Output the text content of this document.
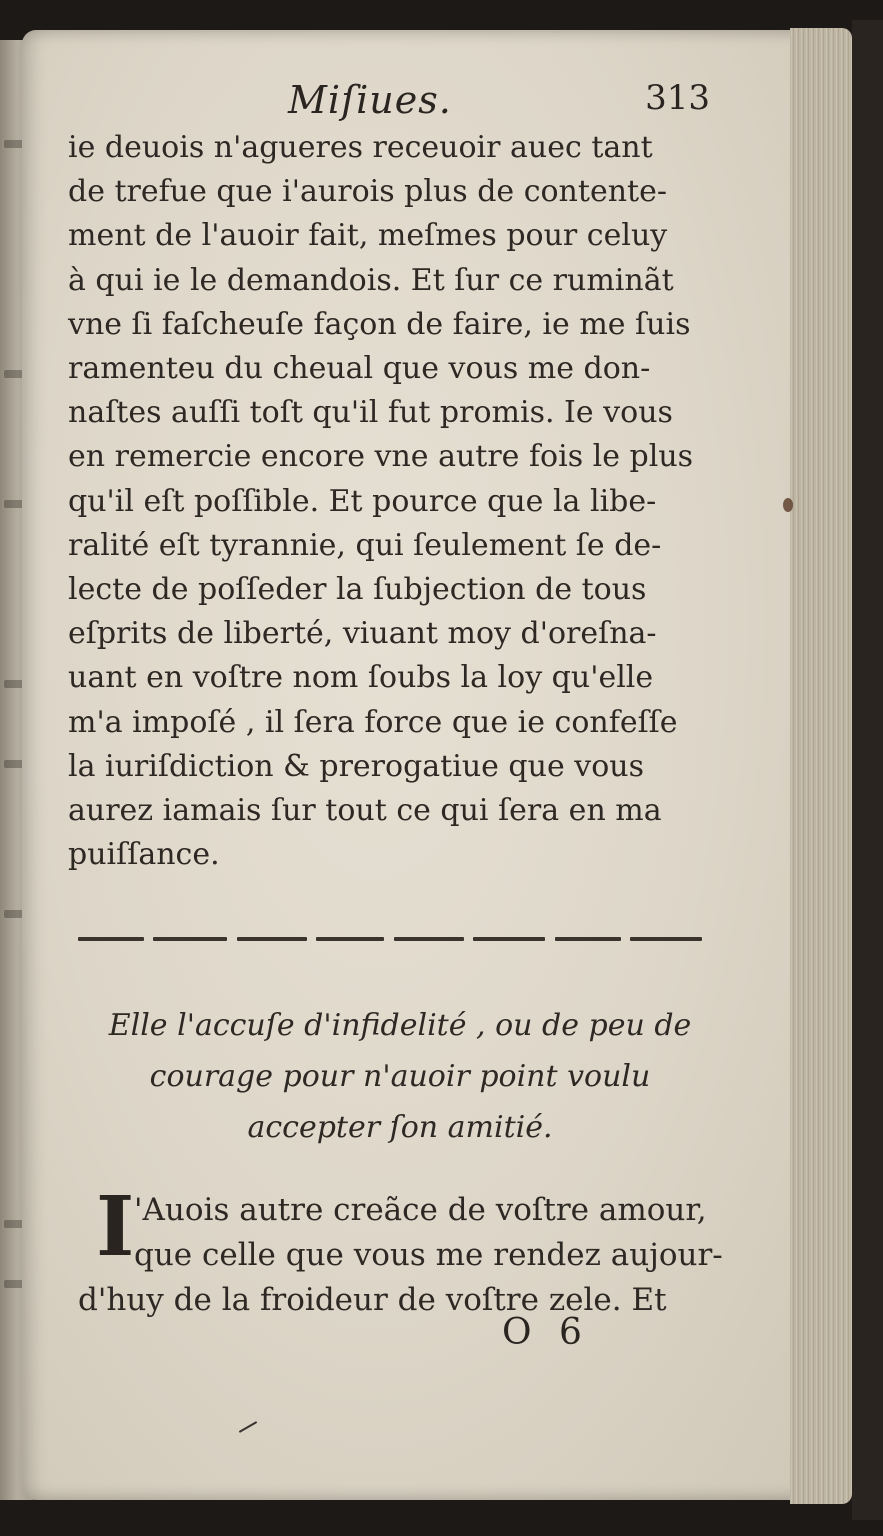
Miſiues.	313
ie deuois n'agueres receuoir auec tant
de trefue que i'aurois plus de contente-
ment de l'auoir fait, meſmes pour celuy
à qui ie le demandois. Et ſur ce ruminãt
vne ſi faſcheuſe façon de faire, ie me ſuis
ramenteu du cheual que vous me don-
naſtes auſſi toſt qu'il fut promis. Ie vous
en remercie encore vne autre fois le plus
qu'il eſt poſſible. Et pource que la libe-
ralité eſt tyrannie, qui ſeulement ſe de-
lecte de poſſeder la ſubjection de tous
eſprits de liberté, viuant moy d'oreſna-
uant en voſtre nom ſoubs la loy qu'elle
m'a impoſé , il ſera force que ie confeſſe
la iuriſdiction & prerogatiue que vous
aurez iamais ſur tout ce qui ſera en ma
puiſſance.
Elle l'accuſe d'infidelité , ou de peu de
courage pour n'auoir point voulu
accepter ſon amitié.
I 'Auois autre creãce de voſtre amour,
que celle que vous me rendez aujour-
d'huy de la froideur de voſtre zele. Et
O 6
